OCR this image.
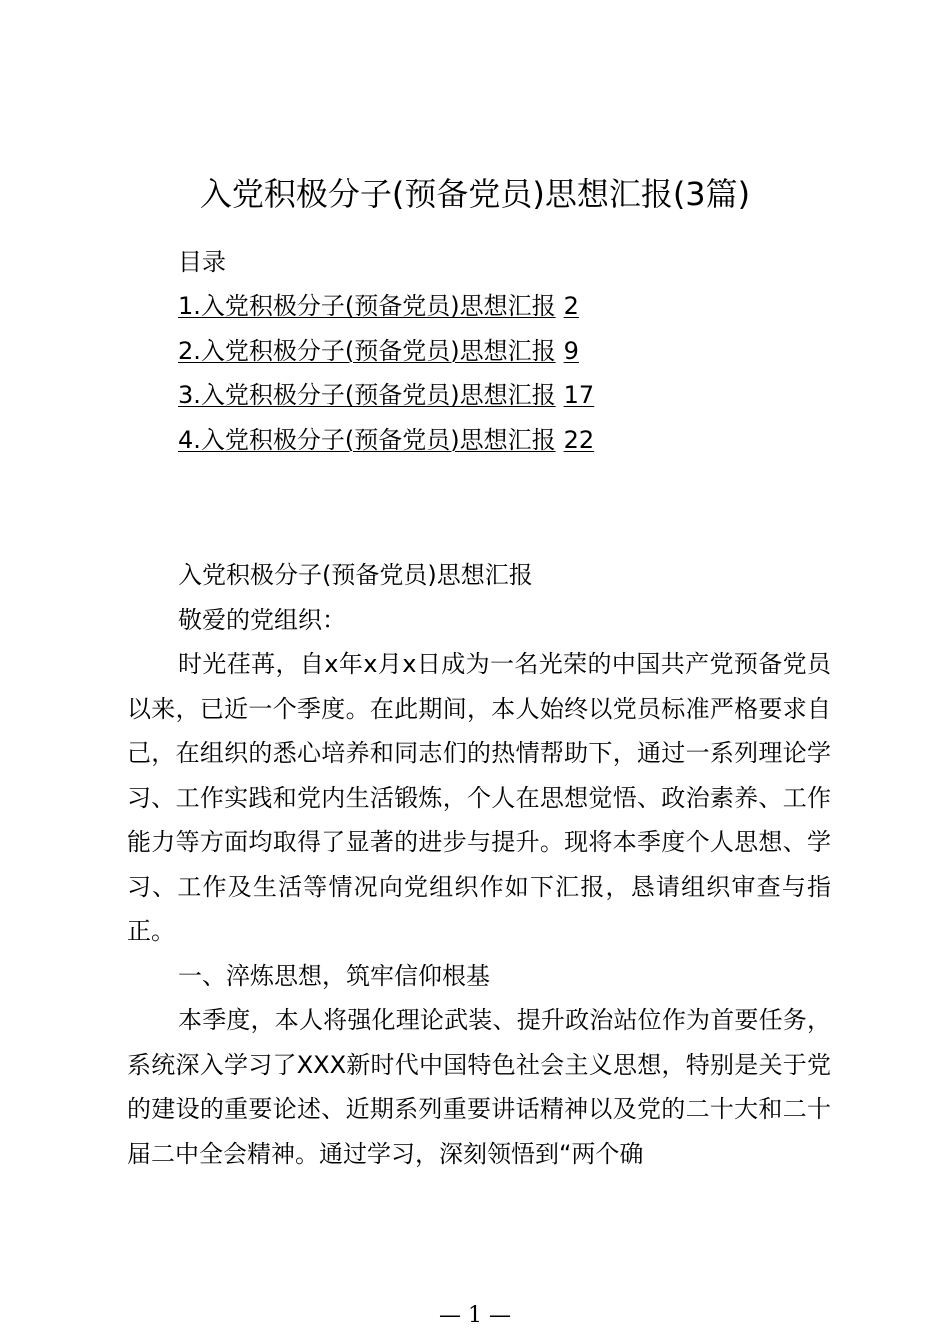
入党积极分子(预备党员)思想汇报(3篇)
目录
1.入党积极分子(预备党员)思想汇报 2
2.入党积极分子(预备党员)思想汇报 9
3.入党积极分子(预备党员)思想汇报 17
4.入党积极分子(预备党员)思想汇报 22

入党积极分子(预备党员)思想汇报

敬爱的党组织：

时光荏苒，自x年x月x日成为一名光荣的中国共产党预备党员以来，已近一个季度。在此期间，本人始终以党员标准严格要求自己，在组织的悉心培养和同志们的热情帮助下，通过一系列理论学习、工作实践和党内生活锻炼，个人在思想觉悟、政治素养、工作能力等方面均取得了显著的进步与提升。现将本季度个人思想、学习、工作及生活等情况向党组织作如下汇报，恳请组织审查与指正。

一、淬炼思想，筑牢信仰根基

本季度，本人将强化理论武装、提升政治站位作为首要任务，系统深入学习了XXX新时代中国特色社会主义思想，特别是关于党的建设的重要论述、近期系列重要讲话精神以及党的二十大和二十届二中全会精神。通过学习，深刻领悟到“两个确

— 1 —
